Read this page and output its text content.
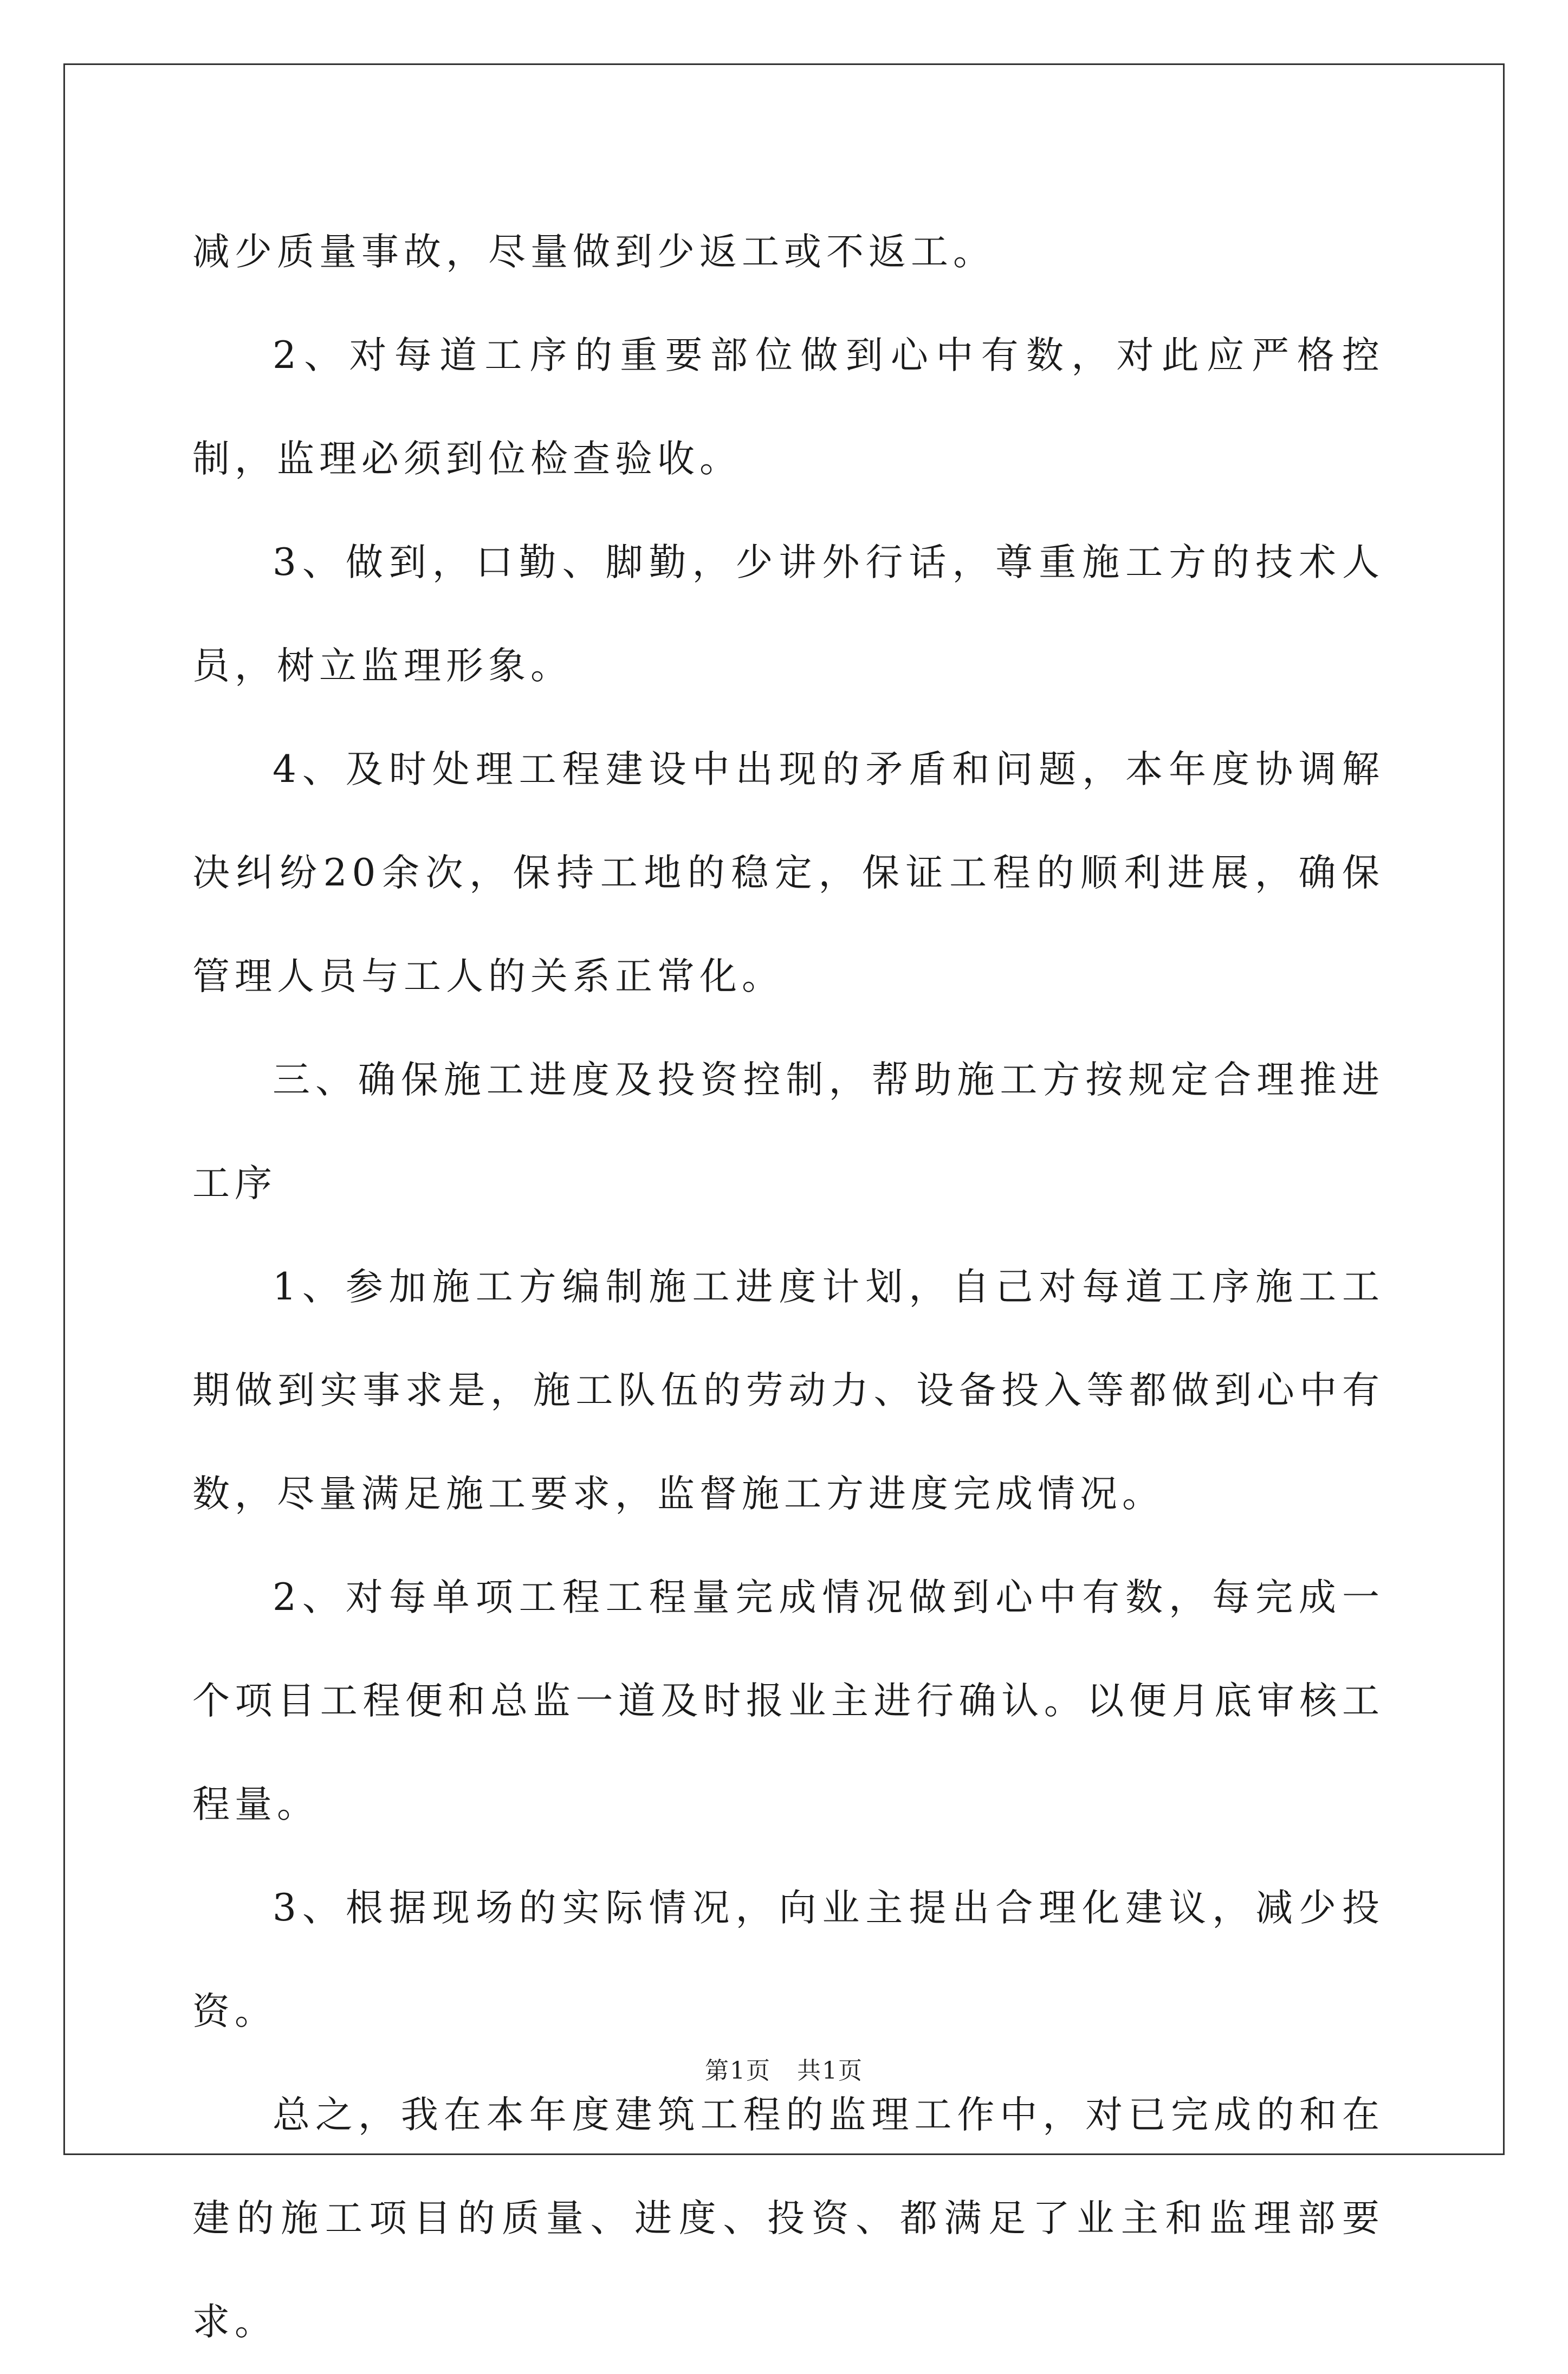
减少质量事故，尽量做到少返工或不返工。

2、对每道工序的重要部位做到心中有数，对此应严格控制，监理必须到位检查验收。

3、做到，口勤、脚勤，少讲外行话，尊重施工方的技术人员，树立监理形象。

4、及时处理工程建设中出现的矛盾和问题，本年度协调解决纠纷20余次，保持工地的稳定，保证工程的顺利进展，确保管理人员与工人的关系正常化。

三、确保施工进度及投资控制，帮助施工方按规定合理推进工序

1、参加施工方编制施工进度计划，自己对每道工序施工工期做到实事求是，施工队伍的劳动力、设备投入等都做到心中有数，尽量满足施工要求，监督施工方进度完成情况。

2、对每单项工程工程量完成情况做到心中有数，每完成一个项目工程便和总监一道及时报业主进行确认。以便月底审核工程量。

3、根据现场的实际情况，向业主提出合理化建议，减少投资。

总之，我在本年度建筑工程的监理工作中，对已完成的和在建的施工项目的质量、进度、投资、都满足了业主和监理部要求。

第1页 共1页
